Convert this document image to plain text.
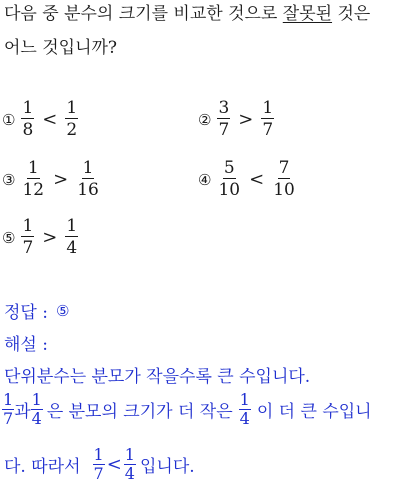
다음 중 분수의 크기를 비교한 것으로 잘못된 것은
어느 것입니까?
① $\frac{1}{8} < \frac{1}{2}$	② $\frac{3}{7} > \frac{1}{7}$
③ $\frac{1}{12} > \frac{1}{16}$	④ $\frac{5}{10} < \frac{7}{10}$
⑤ $\frac{1}{7} > \frac{1}{4}$
정답 : ⑤
해설 :
단위분수는 분모가 작을수록 큰 수입니다.
$\frac{1}{7}$ 과 $\frac{1}{4}$ 은 분모의 크기가 더 작은 $\frac{1}{4}$ 이 더 큰 수입니
다. 따라서 $\frac{1}{7} < \frac{1}{4}$ 입니다.
